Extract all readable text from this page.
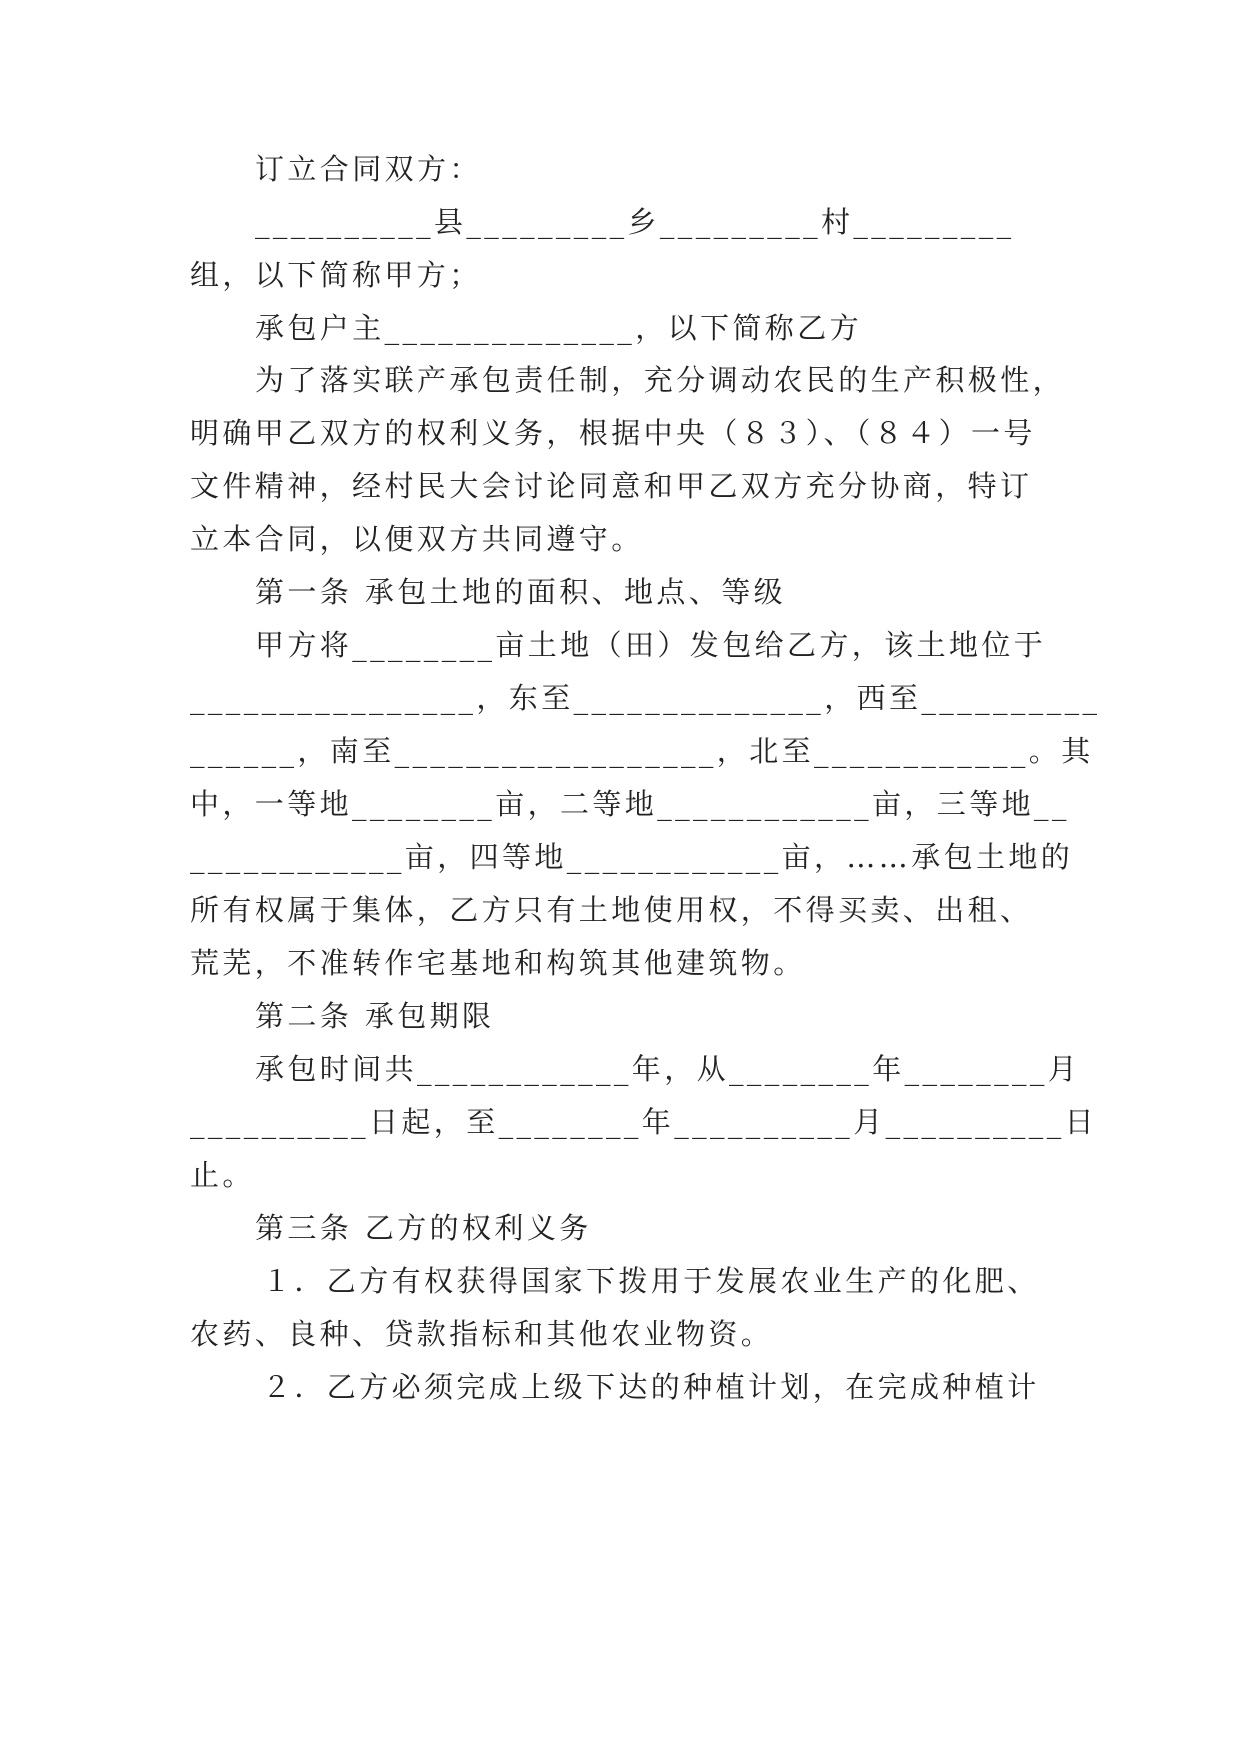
订立合同双方：
__________县_________乡_________村_________
组，以下简称甲方；
承包户主______________，以下简称乙方
为了落实联产承包责任制，充分调动农民的生产积极性，
明确甲乙双方的权利义务，根据中央（８３）、（８４）一号
文件精神，经村民大会讨论同意和甲乙双方充分协商，特订
立本合同，以便双方共同遵守。
第一条 承包土地的面积、地点、等级
甲方将________亩土地（田）发包给乙方，该土地位于
________________，东至______________，西至__________
______，南至__________________，北至____________。其
中，一等地________亩，二等地____________亩，三等地__
____________亩，四等地____________亩，……承包土地的
所有权属于集体，乙方只有土地使用权，不得买卖、出租、
荒芜，不准转作宅基地和构筑其他建筑物。
第二条 承包期限
承包时间共____________年，从________年________月
__________日起，至________年__________月__________日
止。
第三条 乙方的权利义务
１．乙方有权获得国家下拨用于发展农业生产的化肥、
农药、良种、贷款指标和其他农业物资。
２．乙方必须完成上级下达的种植计划，在完成种植计
